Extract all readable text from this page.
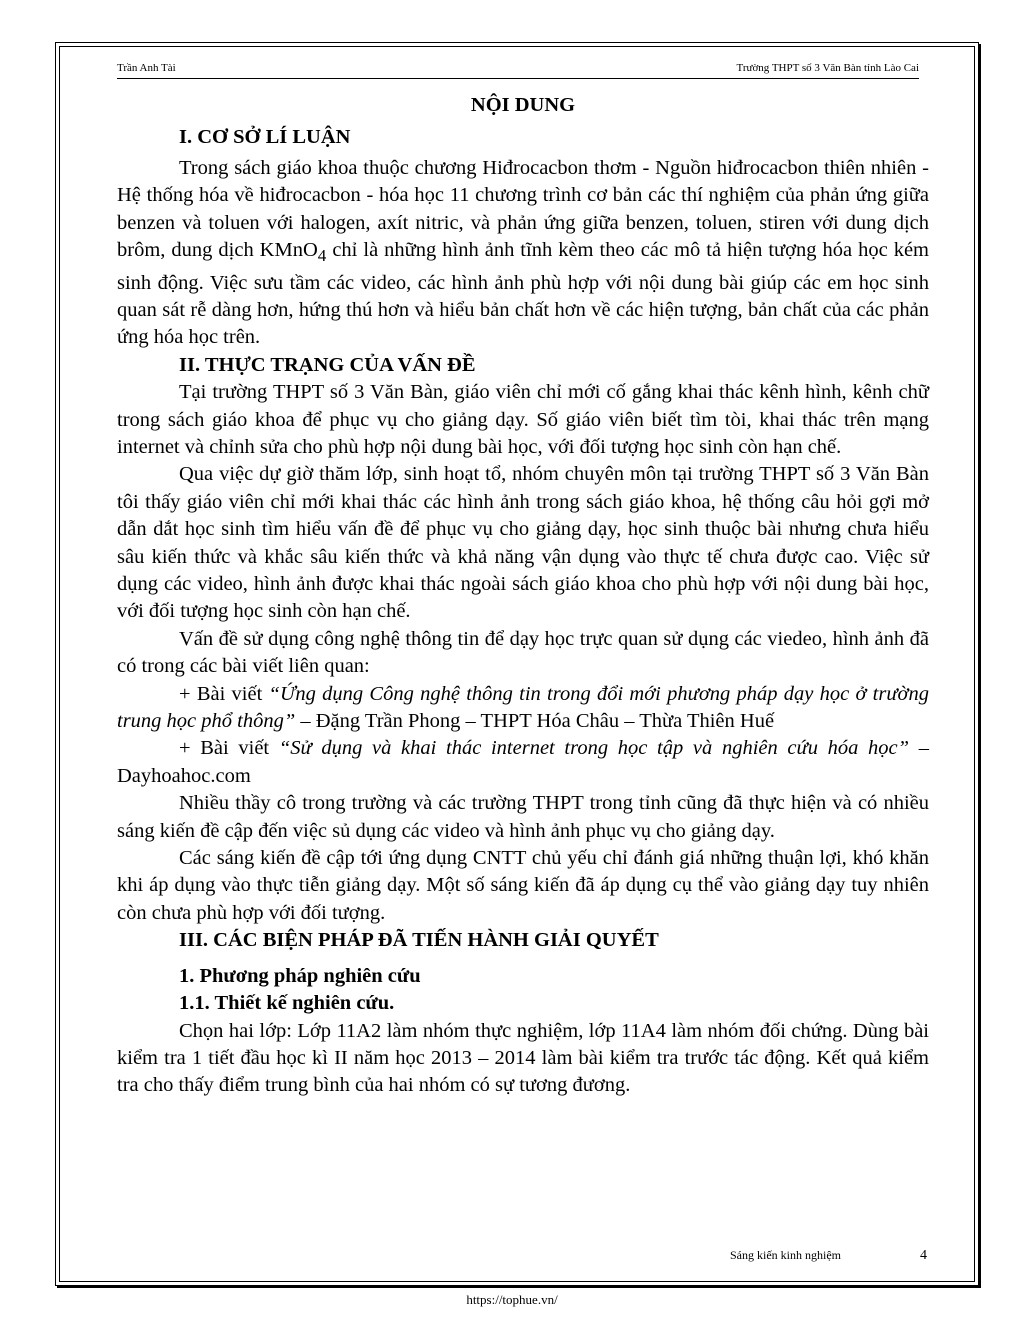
Trần Anh Tài	Trường THPT số 3 Văn Bàn tỉnh Lào Cai

NỘI DUNG

I. CƠ SỞ LÍ LUẬN

Trong sách giáo khoa thuộc chương Hiđrocacbon thơm - Nguồn hiđrocacbon thiên nhiên - Hệ thống hóa về hiđrocacbon - hóa học 11 chương trình cơ bản các thí nghiệm của phản ứng giữa benzen và toluen với halogen, axít nitric, và phản ứng giữa benzen, toluen, stiren với dung dịch brôm, dung dịch KMnO$_4$ chỉ là những hình ảnh tĩnh kèm theo các mô tả hiện tượng hóa học kém sinh động. Việc sưu tầm các video, các hình ảnh phù hợp với nội dung bài giúp các em học sinh quan sát rễ dàng hơn, hứng thú hơn và hiểu bản chất hơn về các hiện tượng, bản chất của các phản ứng hóa học trên.

II. THỰC TRẠNG CỦA VẤN ĐỀ

Tại trường THPT số 3 Văn Bàn, giáo viên chỉ mới cố gắng khai thác kênh hình, kênh chữ trong sách giáo khoa để phục vụ cho giảng dạy. Số giáo viên biết tìm tòi, khai thác trên mạng internet và chỉnh sửa cho phù hợp nội dung bài học, với đối tượng học sinh còn hạn chế.

Qua việc dự giờ thăm lớp, sinh hoạt tổ, nhóm chuyên môn tại trường THPT số 3 Văn Bàn tôi thấy giáo viên chỉ mới khai thác các hình ảnh trong sách giáo khoa, hệ thống câu hỏi gợi mở dẫn dắt học sinh tìm hiểu vấn đề để phục vụ cho giảng dạy, học sinh thuộc bài nhưng chưa hiểu sâu kiến thức và khắc sâu kiến thức và khả năng vận dụng vào thực tế chưa được cao. Việc sử dụng các video, hình ảnh được khai thác ngoài sách giáo khoa cho phù hợp với nội dung bài học, với đối tượng học sinh còn hạn chế.

Vấn đề sử dụng công nghệ thông tin để dạy học trực quan sử dụng các viedeo, hình ảnh đã có trong các bài viết liên quan:

+ Bài viết “Ứng dụng Công nghệ thông tin trong đổi mới phương pháp dạy học ở trường trung học phổ thông” – Đặng Trần Phong – THPT Hóa Châu – Thừa Thiên Huế

+ Bài viết “Sử dụng và khai thác internet trong học tập và nghiên cứu hóa học” – Dayhoahoc.com

Nhiều thầy cô trong trường và các trường THPT trong tỉnh cũng đã thực hiện và có nhiều sáng kiến đề cập đến việc sủ dụng các video và hình ảnh phục vụ cho giảng dạy.

Các sáng kiến đề cập tới ứng dụng CNTT chủ yếu chỉ đánh giá những thuận lợi, khó khăn khi áp dụng vào thực tiễn giảng dạy. Một số sáng kiến đã áp dụng cụ thể vào giảng dạy tuy nhiên còn chưa phù hợp với đối tượng.

III. CÁC BIỆN PHÁP ĐÃ TIẾN HÀNH GIẢI QUYẾT

1. Phương pháp nghiên cứu

1.1. Thiết kế nghiên cứu.

Chọn hai lớp: Lớp 11A2 làm nhóm thực nghiệm, lớp 11A4 làm nhóm đối chứng. Dùng bài kiểm tra 1 tiết đầu học kì II năm học 2013 – 2014 làm bài kiểm tra trước tác động. Kết quả kiểm tra cho thấy điểm trung bình của hai nhóm có sự tương đương.

Sáng kiến kinh nghiệm	4
https://tophue.vn/
